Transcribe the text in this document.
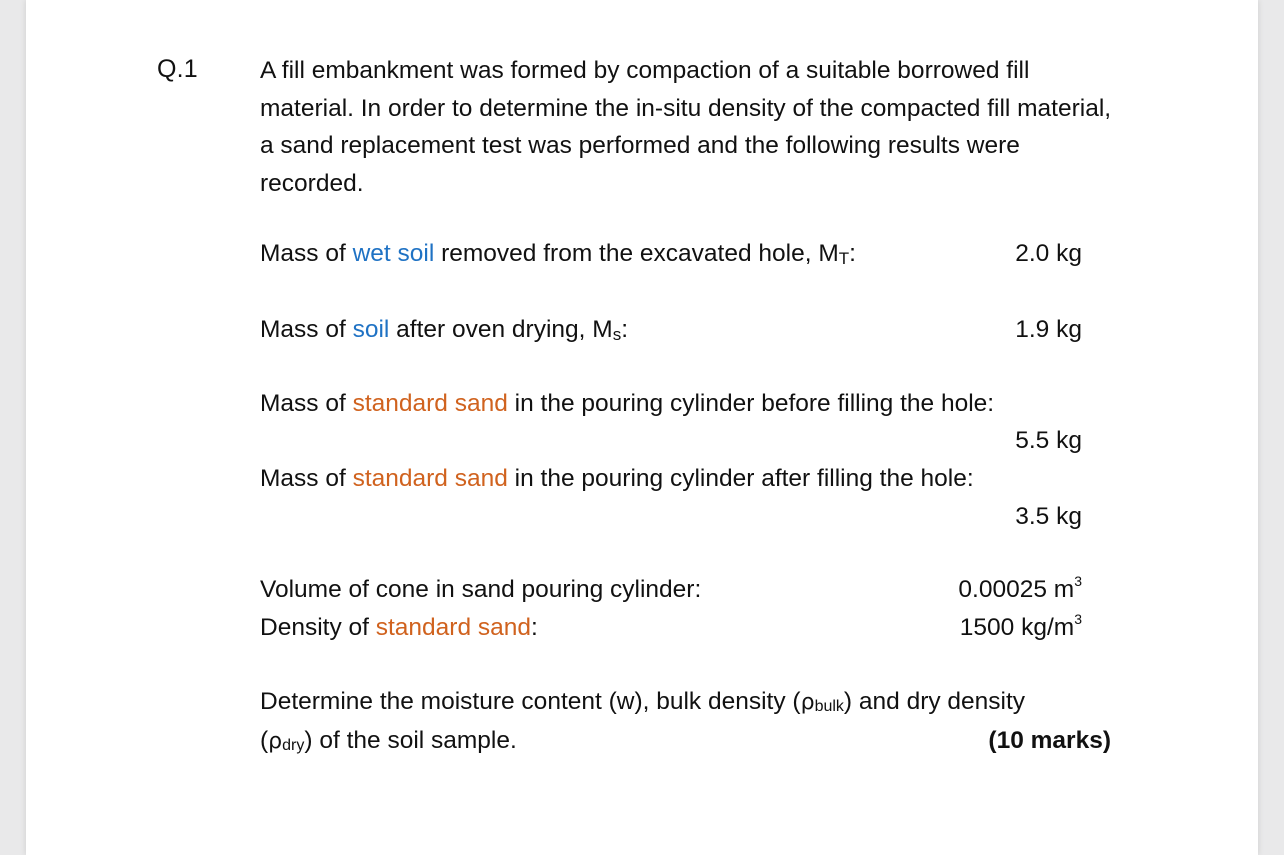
Q.1	A fill embankment was formed by compaction of a suitable borrowed fill material. In order to determine the in-situ density of the compacted fill material, a sand replacement test was performed and the following results were recorded.
Mass of wet soil removed from the excavated hole, $M_T$:	2.0 kg
Mass of soil after oven drying, $M_s$:	1.9 kg
Mass of standard sand in the pouring cylinder before filling the hole:
5.5 kg
Mass of standard sand in the pouring cylinder after filling the hole:
3.5 kg
Volume of cone in sand pouring cylinder:	0.00025 $m^3$
Density of standard sand:	1500 $kg/m^3$
Determine the moisture content (w), bulk density $(\rho_{bulk})$ and dry density
$(\rho_{dry})$ of the soil sample.	(10 marks)
